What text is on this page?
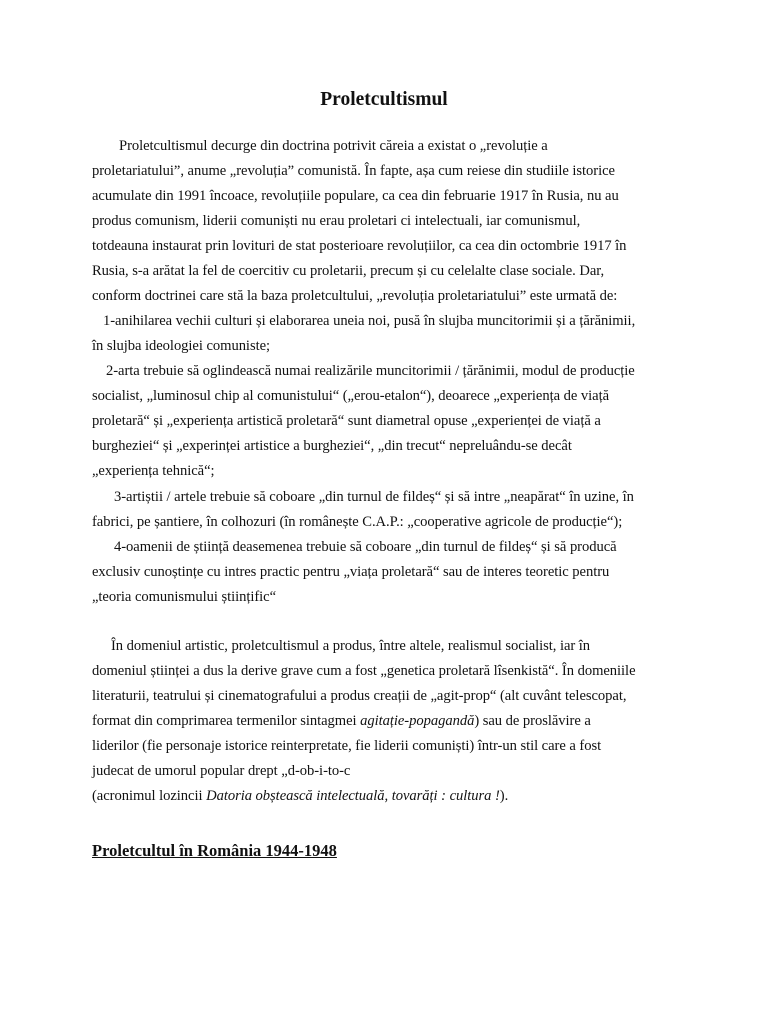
Proletcultismul
Proletcultismul decurge din doctrina potrivit căreia a existat o „revoluție a
proletariatului”, anume „revoluția” comunistă. În fapte, așa cum reiese din studiile istorice
acumulate din 1991 încoace, revoluțiile populare, ca cea din februarie 1917 în Rusia, nu au
produs comunism, liderii comuniști nu erau proletari ci intelectuali, iar comunismul,
totdeauna instaurat prin lovituri de stat posterioare revoluțiilor, ca cea din octombrie 1917 în
Rusia, s-a arătat la fel de coercitiv cu proletarii, precum și cu celelalte clase sociale. Dar,
conform doctrinei care stă la baza proletcultului, „revoluția proletariatului” este urmată de:
1-anihilarea vechii culturi și elaborarea uneia noi, pusă în slujba muncitorimii și a țărănimii,
în slujba ideologiei comuniste;
2-arta trebuie să oglindească numai realizările muncitorimii / țărănimii, modul de producție
socialist, „luminosul chip al comunistului“ („erou-etalon“), deoarece „experiența de viață
proletară“ și „experiența artistică proletară“ sunt diametral opuse „experienței de viață a
burgheziei“ și „experinței artistice a burgheziei“, „din trecut“ nepreluându-se decât
„experiența tehnică“;
3-artiștii / artele trebuie să coboare „din turnul de fildeș“ și să intre „neapărat“ în uzine, în
fabrici, pe șantiere, în colhozuri (în românește C.A.P.: „cooperative agricole de producție“);
4-oamenii de știință deasemenea trebuie să coboare „din turnul de fildeș“ și să producă
exclusiv cunoștințe cu intres practic pentru „viața proletară“ sau de interes teoretic pentru
„teoria comunismului științific“
În domeniul artistic, proletcultismul a produs, între altele, realismul socialist, iar în
domeniul științei a dus la derive grave cum a fost „genetica proletară lîsenkistă“. În domeniile
literaturii, teatrului și cinematografului a produs creații de „agit-prop“ (alt cuvânt telescopat,
format din comprimarea termenilor sintagmei agitație-popagandă) sau de proslăvire a
liderilor (fie personaje istorice reinterpretate, fie liderii comuniști) într-un stil care a fost
judecat de umorul popular drept „d-ob-i-to-c
(acronimul lozincii Datoria obștească intelectuală, tovarăți : cultura !).
Proletcultul în România 1944-1948
